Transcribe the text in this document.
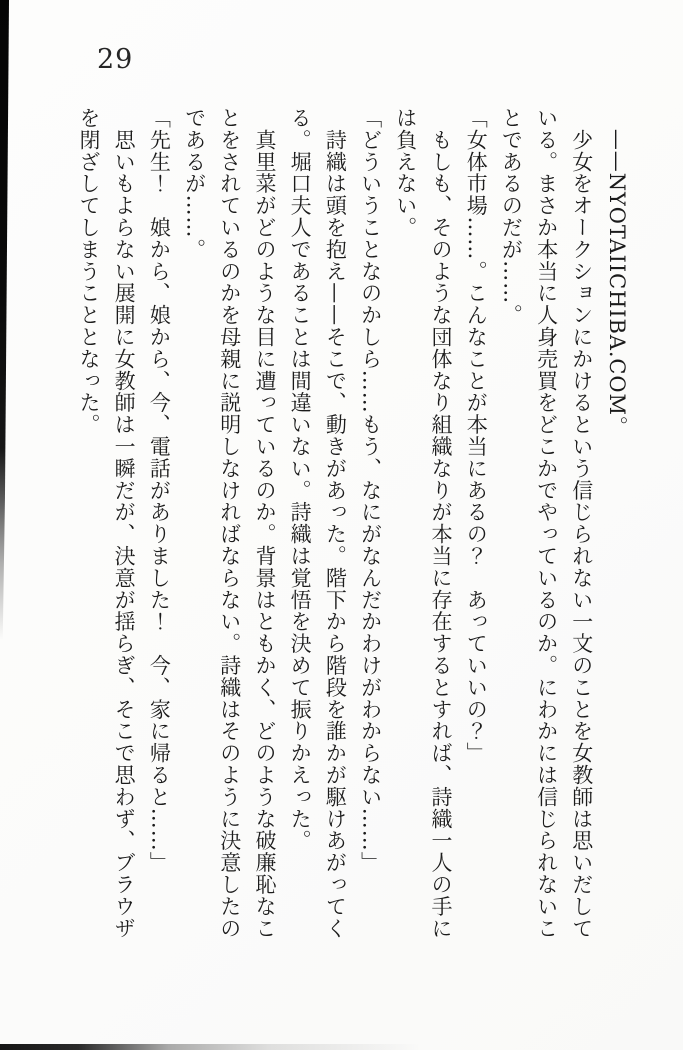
29
　——NYOTAIICHIBA.COM。
　少女をオークションにかけるという信じられない一文のことを女教師は思いだして
いる。まさか本当に人身売買をどこかでやっているのか。にわかには信じられないこ
とであるのだが……。
「女体市場……。こんなことが本当にあるの？　あっていいの？」
　もしも、そのような団体なり組織なりが本当に存在するとすれば、詩織一人の手に
は負えない。
「どういうことなのかしら……もう、なにがなんだかわけがわからない……」
　詩織は頭を抱え——そこで、動きがあった。階下から階段を誰かが駆けあがってく
る。堀口夫人であることは間違いない。詩織は覚悟を決めて振りかえった。
　真里菜がどのような目に遭っているのか。背景はともかく、どのような破廉恥なこ
とをされているのかを母親に説明しなければならない。詩織はそのように決意したの
であるが……。
「先生！　娘から、娘から、今、電話がありました！　今、家に帰ると……」
　思いもよらない展開に女教師は一瞬だが、決意が揺らぎ、そこで思わず、ブラウザ
を閉ざしてしまうこととなった。
